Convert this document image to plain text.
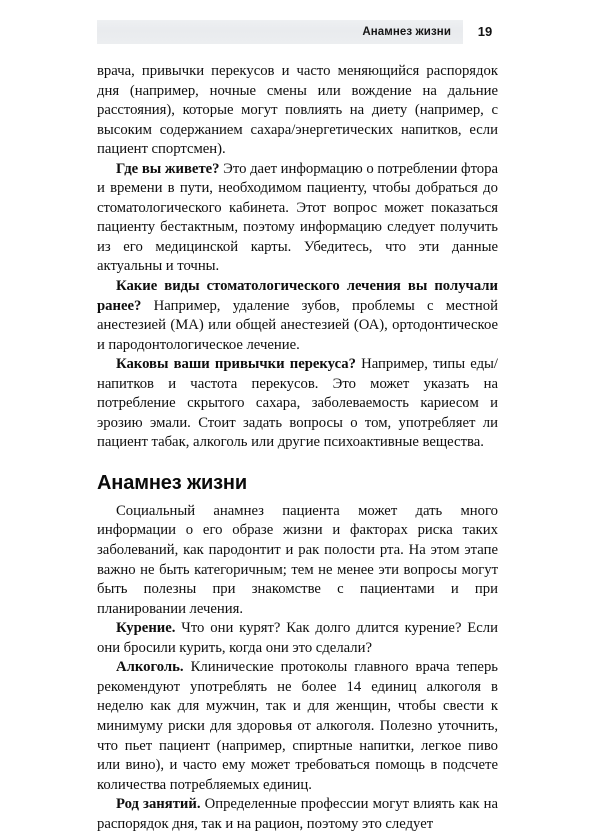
Анамнез жизни	19

врача, привычки перекусов и часто меняющийся распорядок дня (например, ночные смены или вождение на дальние расстояния), которые могут повлиять на диету (например, с высоким содержанием сахара/энергетических напитков, если пациент спортсмен).

Где вы живете? Это дает информацию о потреблении фтора и времени в пути, необходимом пациенту, чтобы добраться до стоматологического кабинета. Этот вопрос может показаться пациенту бестактным, поэтому информацию следует получить из его медицинской карты. Убедитесь, что эти данные актуальны и точны.

Какие виды стоматологического лечения вы получали ранее? Например, удаление зубов, проблемы с местной анестезией (МА) или общей анестезией (ОА), ортодонтическое и пародонтологическое лечение.

Каковы ваши привычки перекуса? Например, типы еды/напитков и частота перекусов. Это может указать на потребление скрытого сахара, заболеваемость кариесом и эрозию эмали. Стоит задать вопросы о том, употребляет ли пациент табак, алкоголь или другие психоактивные вещества.

Анамнез жизни

Социальный анамнез пациента может дать много информации о его образе жизни и факторах риска таких заболеваний, как пародонтит и рак полости рта. На этом этапе важно не быть категоричным; тем не менее эти вопросы могут быть полезны при знакомстве с пациентами и при планировании лечения.

Курение. Что они курят? Как долго длится курение? Если они бросили курить, когда они это сделали?

Алкоголь. Клинические протоколы главного врача теперь рекомендуют употреблять не более 14 единиц алкоголя в неделю как для мужчин, так и для женщин, чтобы свести к минимуму риски для здоровья от алкоголя. Полезно уточнить, что пьет пациент (например, спиртные напитки, легкое пиво или вино), и часто ему может требоваться помощь в подсчете количества потребляемых единиц.

Род занятий. Определенные профессии могут влиять как на распорядок дня, так и на рацион, поэтому это следует
